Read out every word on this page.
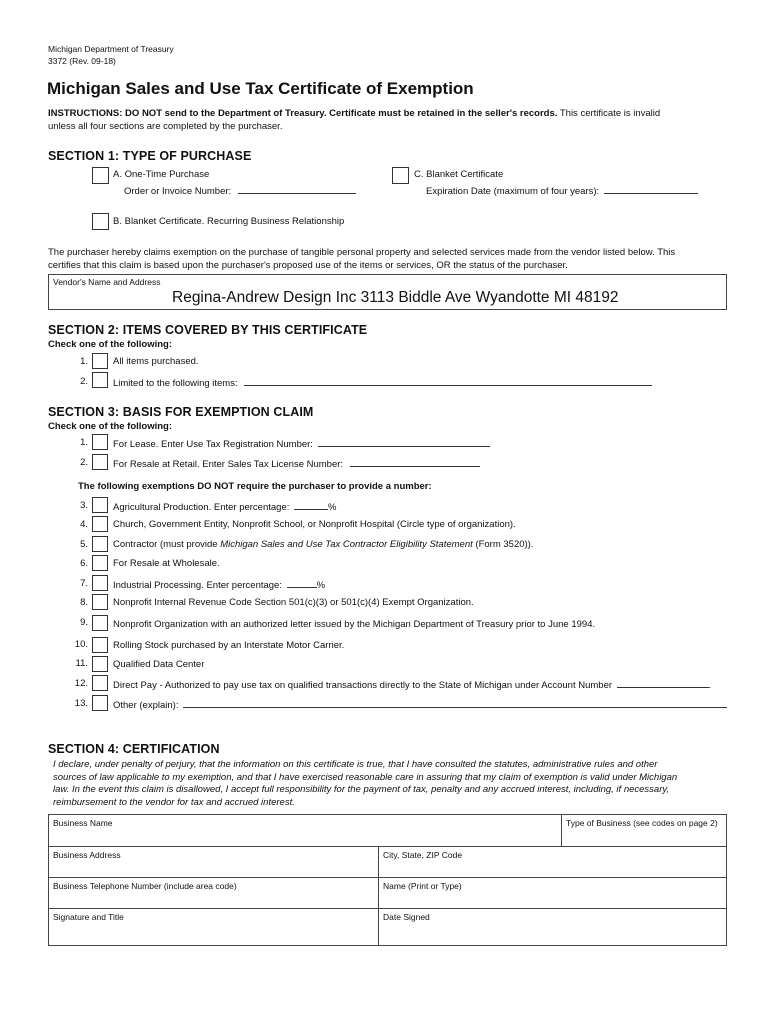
Michigan Department of Treasury
3372 (Rev. 09-18)
Michigan Sales and Use Tax Certificate of Exemption
INSTRUCTIONS: DO NOT send to the Department of Treasury. Certificate must be retained in the seller's records. This certificate is invalid
unless all four sections are completed by the purchaser.
SECTION 1: TYPE OF PURCHASE
A. One-Time Purchase
Order or Invoice Number:
C. Blanket Certificate
Expiration Date (maximum of four years):
B. Blanket Certificate. Recurring Business Relationship
The purchaser hereby claims exemption on the purchase of tangible personal property and selected services made from the vendor listed below. This
certifies that this claim is based upon the purchaser's proposed use of the items or services, OR the status of the purchaser.
Vendor's Name and Address
Regina-Andrew Design Inc 3113 Biddle Ave Wyandotte MI 48192
SECTION 2: ITEMS COVERED BY THIS CERTIFICATE
Check one of the following:
1.	All items purchased.
2.	Limited to the following items:
SECTION 3: BASIS FOR EXEMPTION CLAIM
Check one of the following:
1.	For Lease. Enter Use Tax Registration Number:
2.	For Resale at Retail. Enter Sales Tax License Number:
The following exemptions DO NOT require the purchaser to provide a number:
3.	Agricultural Production. Enter percentage:	%
4.	Church, Government Entity, Nonprofit School, or Nonprofit Hospital (Circle type of organization).
5.	Contractor (must provide Michigan Sales and Use Tax Contractor Eligibility Statement (Form 3520)).
6.	For Resale at Wholesale.
7.	Industrial Processing. Enter percentage:	%
8.	Nonprofit Internal Revenue Code Section 501(c)(3) or 501(c)(4) Exempt Organization.
9.	Nonprofit Organization with an authorized letter issued by the Michigan Department of Treasury prior to June 1994.
10.	Rolling Stock purchased by an Interstate Motor Carrier.
11.	Qualified Data Center
12.	Direct Pay - Authorized to pay use tax on qualified transactions directly to the State of Michigan under Account Number	.
13.	Other (explain):
SECTION 4: CERTIFICATION
I declare, under penalty of perjury, that the information on this certificate is true, that I have consulted the statutes, administrative rules and other
sources of law applicable to my exemption, and that I have exercised reasonable care in assuring that my claim of exemption is valid under Michigan
law. In the event this claim is disallowed, I accept full responsibility for the payment of tax, penalty and any accrued interest, including, if necessary,
reimbursement to the vendor for tax and accrued interest.
Business Name	Type of Business (see codes on page 2)
Business Address	City, State, ZIP Code
Business Telephone Number (include area code)	Name (Print or Type)
Signature and Title	Date Signed
